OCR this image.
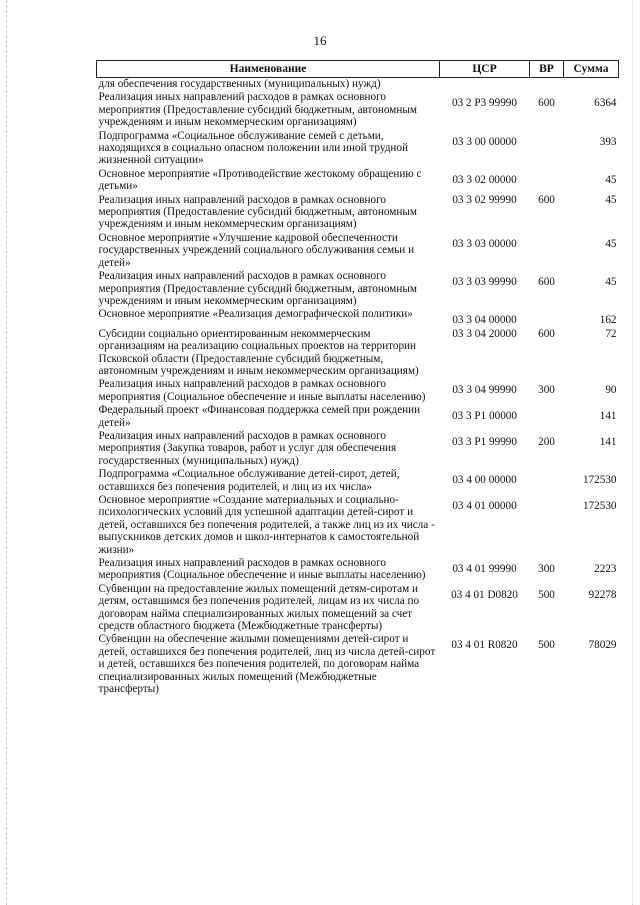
16
Наименование	ЦСР	ВР	Сумма
для обеспечения государственных (муниципальных) нужд)			
Реализация иных направлений расходов в рамках основного мероприятия (Предоставление субсидий бюджетным, автономным учреждениям и иным некоммерческим организациям)	03 2 Р3 99990	600	6364
Подпрограмма «Социальное обслуживание семей с детьми, находящихся в социально опасном положении или иной трудной жизненной ситуации»	03 3 00 00000		393
Основное мероприятие «Противодействие жестокому обращению с детьми»	03 3 02 00000		45
Реализация иных направлений расходов в рамках основного мероприятия (Предоставление субсидий бюджетным, автономным учреждениям и иным некоммерческим организациям)	03 3 02 99990	600	45
Основное мероприятие «Улучшение кадровой обеспеченности государственных учреждений социального обслуживания семьи и детей»	03 3 03 00000		45
Реализация иных направлений расходов в рамках основного мероприятия (Предоставление субсидий бюджетным, автономным учреждениям и иным некоммерческим организациям)	03 3 03 99990	600	45
Основное мероприятие «Реализация демографической политики»	03 3 04 00000		162
Субсидии социально ориентированным некоммерческим организациям на реализацию социальных проектов на территории Псковской области (Предоставление субсидий бюджетным, автономным учреждениям и иным некоммерческим организациям)	03 3 04 20000	600	72
Реализация иных направлений расходов в рамках основного мероприятия (Социальное обеспечение и иные выплаты населению)	03 3 04 99990	300	90
Федеральный проект «Финансовая поддержка семей при рождении детей»	03 3 Р1 00000		141
Реализация иных направлений расходов в рамках основного мероприятия (Закупка товаров, работ и услуг для обеспечения государственных (муниципальных) нужд)	03 3 Р1 99990	200	141
Подпрограмма «Социальное обслуживание детей-сирот, детей, оставшихся без попечения родителей, и лиц из их числа»	03 4 00 00000		172530
Основное мероприятие «Создание материальных и социально-психологических условий для успешной адаптации детей-сирот и детей, оставшихся без попечения родителей, а также лиц из их числа - выпускников детских домов и школ-интернатов к самостоятельной жизни»	03 4 01 00000		172530
Реализация иных направлений расходов в рамках основного мероприятия (Социальное обеспечение и иные выплаты населению)	03 4 01 99990	300	2223
Субвенции на предоставление жилых помещений детям-сиротам и детям, оставшимся без попечения родителей, лицам из их числа по договорам найма специализированных жилых помещений за счет средств областного бюджета (Межбюджетные трансферты)	03 4 01 D0820	500	92278
Субвенции на обеспечение жилыми помещениями детей-сирот и детей, оставшихся без попечения родителей, лиц из числа детей-сирот и детей, оставшихся без попечения родителей, по договорам найма специализированных жилых помещений (Межбюджетные трансферты)	03 4 01 R0820	500	78029
